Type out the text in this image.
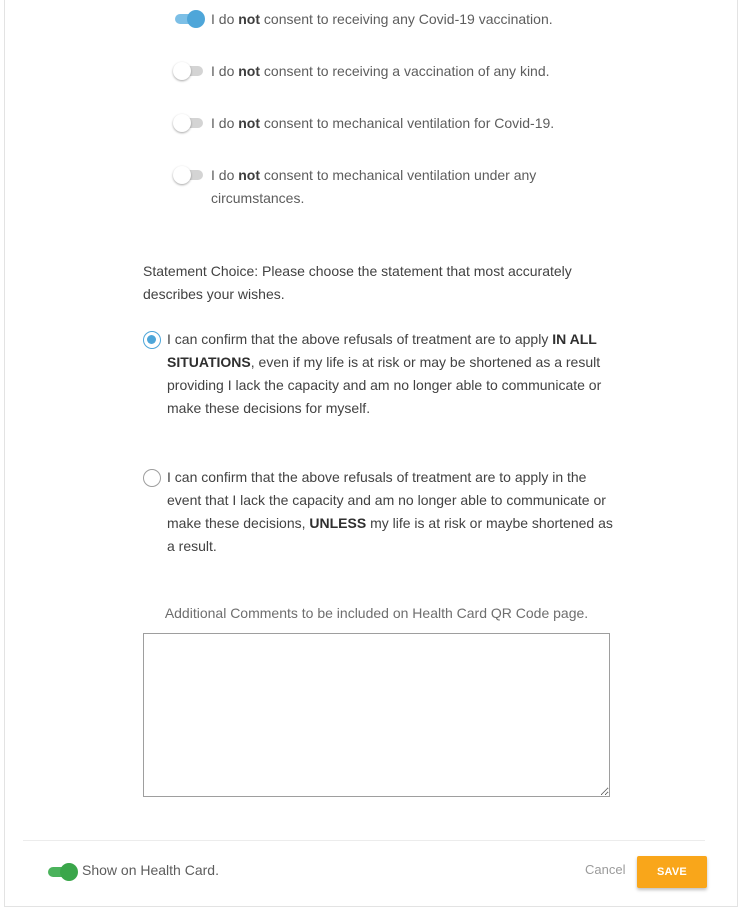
I do not consent to receiving any Covid-19 vaccination.
I do not consent to receiving a vaccination of any kind.
I do not consent to mechanical ventilation for Covid-19.
I do not consent to mechanical ventilation under any circumstances.
Statement Choice: Please choose the statement that most accurately describes your wishes.
I can confirm that the above refusals of treatment are to apply IN ALL SITUATIONS, even if my life is at risk or may be shortened as a result providing I lack the capacity and am no longer able to communicate or make these decisions for myself.
I can confirm that the above refusals of treatment are to apply in the event that I lack the capacity and am no longer able to communicate or make these decisions, UNLESS my life is at risk or maybe shortened as a result.
Additional Comments to be included on Health Card QR Code page.
Show on Health Card.	Cancel	SAVE
